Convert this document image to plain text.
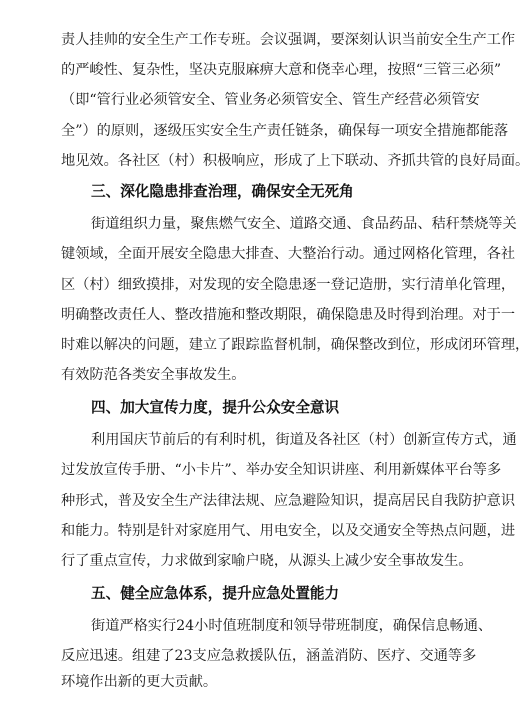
责人挂帅的安全生产工作专班。会议强调，要深刻认识当前安全生产工作
的严峻性、复杂性，坚决克服麻痹大意和侥幸心理，按照“三管三必须”
（即“管行业必须管安全、管业务必须管安全、管生产经营必须管安
全”）的原则，逐级压实安全生产责任链条，确保每一项安全措施都能落
地见效。各社区（村）积极响应，形成了上下联动、齐抓共管的良好局面。
三、深化隐患排查治理，确保安全无死角
街道组织力量，聚焦燃气安全、道路交通、食品药品、秸秆禁烧等关
键领域，全面开展安全隐患大排查、大整治行动。通过网格化管理，各社
区（村）细致摸排，对发现的安全隐患逐一登记造册，实行清单化管理，
明确整改责任人、整改措施和整改期限，确保隐患及时得到治理。对于一
时难以解决的问题，建立了跟踪监督机制，确保整改到位，形成闭环管理，
有效防范各类安全事故发生。
四、加大宣传力度，提升公众安全意识
利用国庆节前后的有利时机，街道及各社区（村）创新宣传方式，通
过发放宣传手册、“小卡片”、举办安全知识讲座、利用新媒体平台等多
种形式，普及安全生产法律法规、应急避险知识，提高居民自我防护意识
和能力。特别是针对家庭用气、用电安全，以及交通安全等热点问题，进
行了重点宣传，力求做到家喻户晓，从源头上减少安全事故发生。
五、健全应急体系，提升应急处置能力
街道严格实行24小时值班制度和领导带班制度，确保信息畅通、
反应迅速。组建了23支应急救援队伍，涵盖消防、医疗、交通等多
环境作出新的更大贡献。
